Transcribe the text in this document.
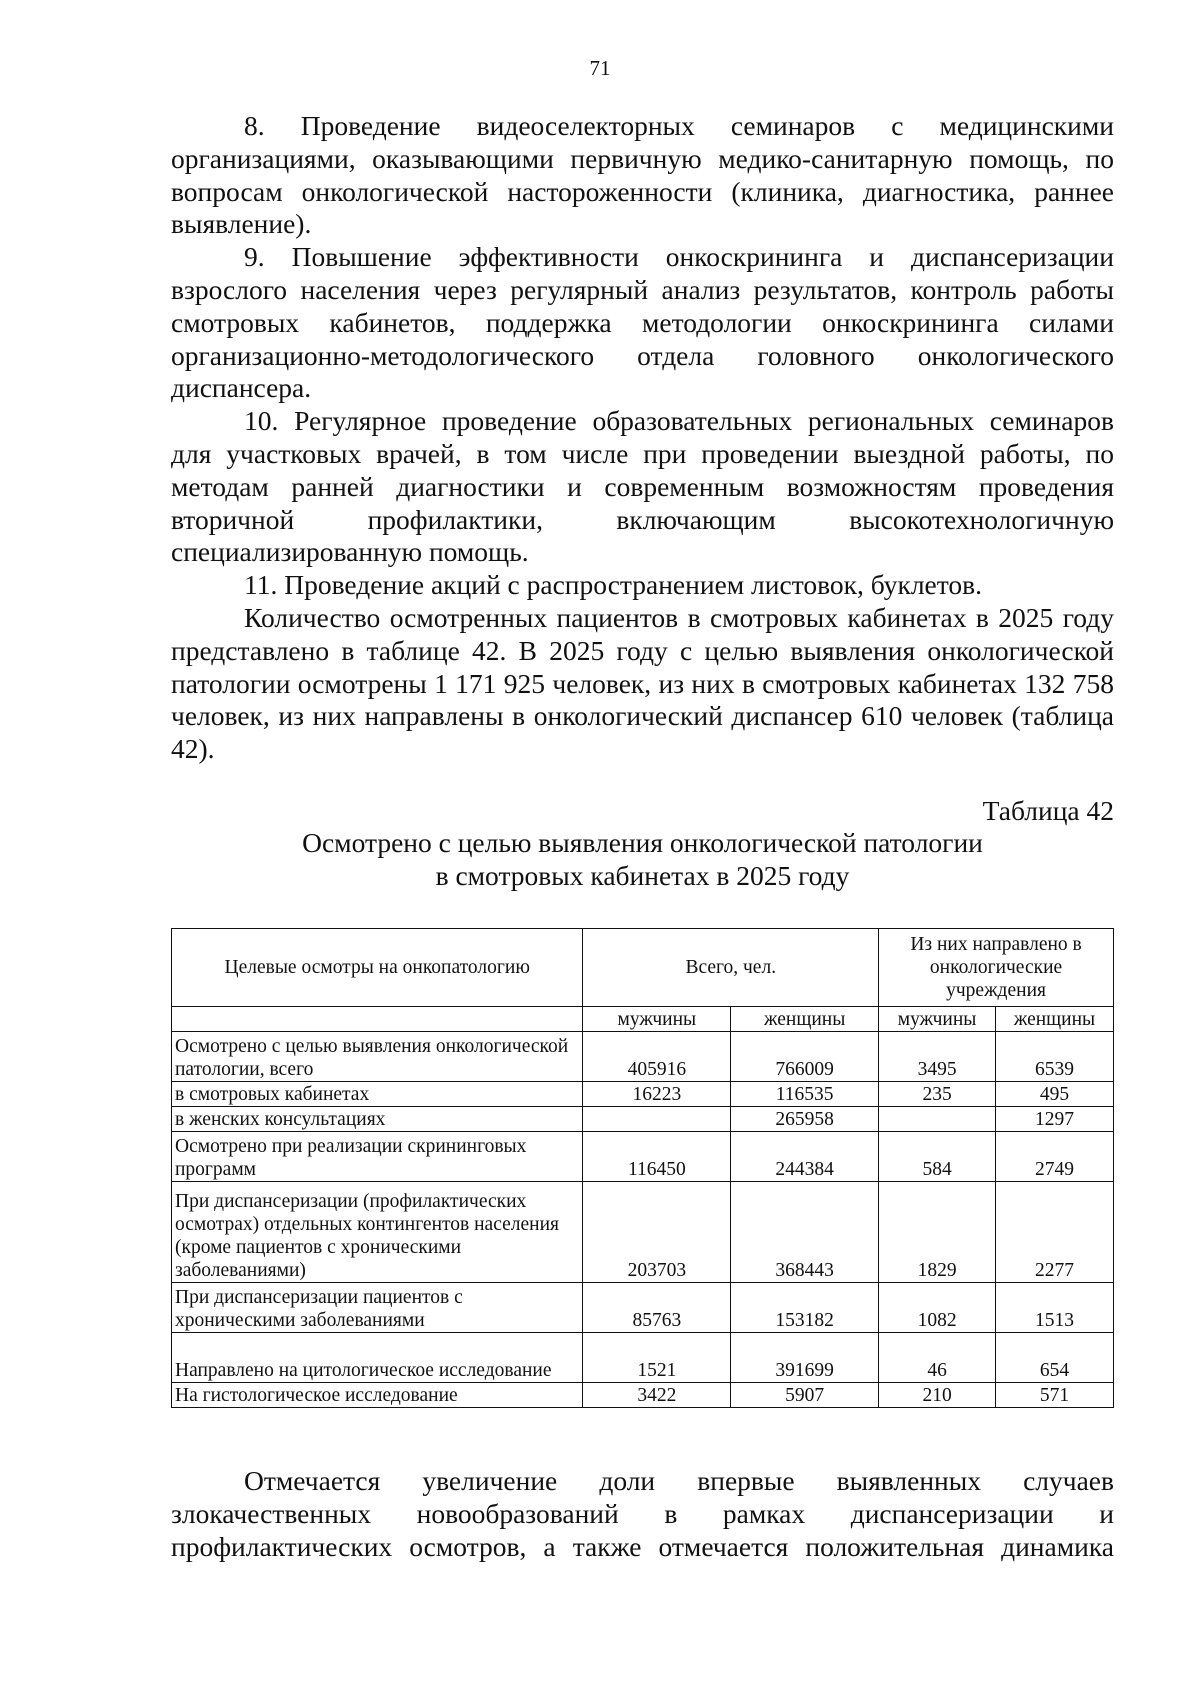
71

8. Проведение видеоселекторных семинаров с медицинскими организациями, оказывающими первичную медико-санитарную помощь, по вопросам онкологической настороженности (клиника, диагностика, раннее выявление).

9. Повышение эффективности онкоскрининга и диспансеризации взрослого населения через регулярный анализ результатов, контроль работы смотровых кабинетов, поддержка методологии онкоскрининга силами организационно-методологического отдела головного онкологического диспансера.

10. Регулярное проведение образовательных региональных семинаров для участковых врачей, в том числе при проведении выездной работы, по методам ранней диагностики и современным возможностям проведения вторичной профилактики, включающим высокотехнологичную специализированную помощь.

11. Проведение акций с распространением листовок, буклетов.

Количество осмотренных пациентов в смотровых кабинетах в 2025 году представлено в таблице 42. В 2025 году с целью выявления онкологической патологии осмотрены 1 171 925 человек, из них в смотровых кабинетах 132 758 человек, из них направлены в онкологический диспансер 610 человек (таблица 42).

Таблица 42
Осмотрено с целью выявления онкологической патологии
в смотровых кабинетах в 2025 году
Целевые осмотры на онкопатологию	Всего, чел.		Из них направлено в онкологические учреждения	
	мужчины	женщины	мужчины	женщины
Осмотрено с целью выявления онкологической патологии, всего	405916	766009	3495	6539
в смотровых кабинетах	16223	116535	235	495
в женских консультациях		265958		1297
Осмотрено при реализации скрининговых программ	116450	244384	584	2749
При диспансеризации (профилактических осмотрах) отдельных контингентов населения (кроме пациентов с хроническими заболеваниями)	203703	368443	1829	2277
При диспансеризации пациентов с хроническими заболеваниями	85763	153182	1082	1513
Направлено на цитологическое исследование	1521	391699	46	654
На гистологическое исследование	3422	5907	210	571

Отмечается увеличение доли впервые выявленных случаев злокачественных новообразований в рамках диспансеризации и профилактических осмотров, а также отмечается положительная динамика
